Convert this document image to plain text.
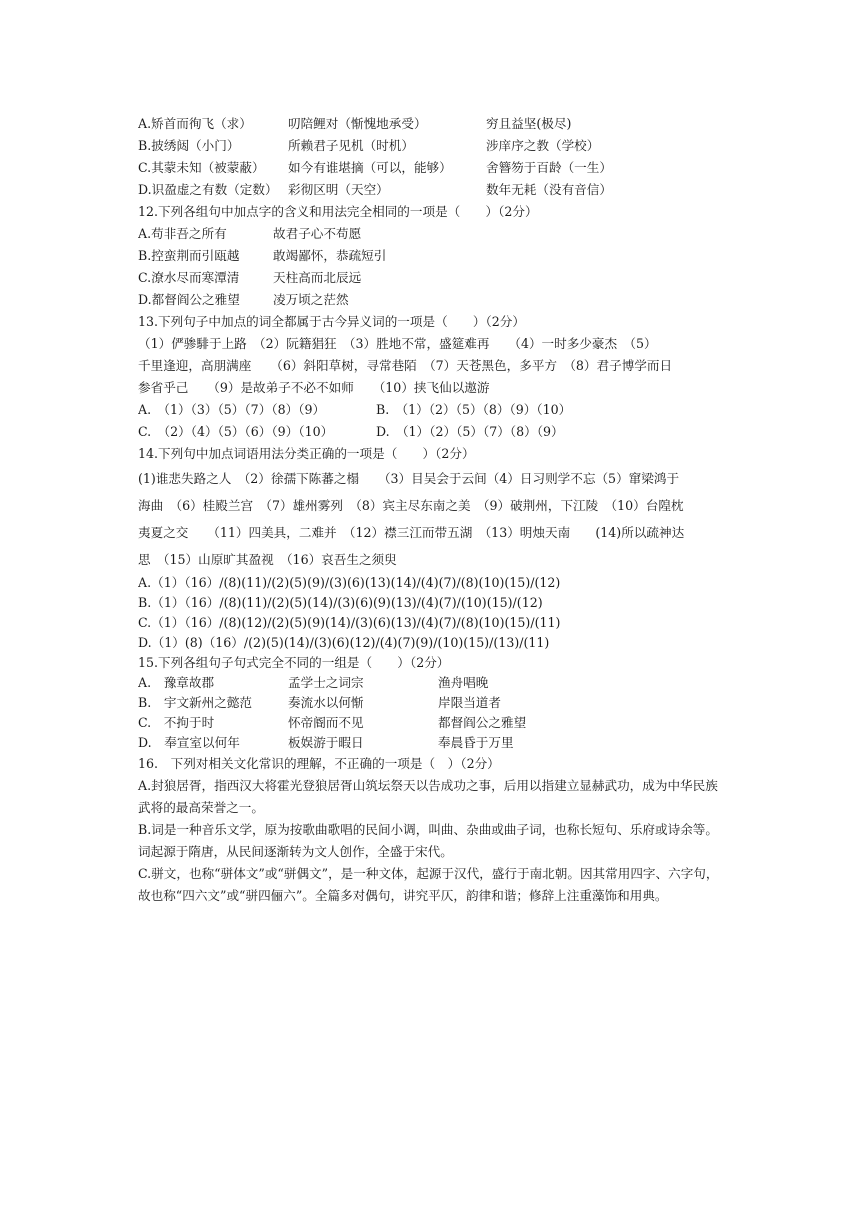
A.矫首而徇飞（求）	叨陪鲤对（惭愧地承受）	穷且益坚(极尽)
B.披绣闼（小门）	所赖君子见机（时机）	涉庠序之教（学校）
C.其蒙未知（被蒙蔽）	如今有谁堪摘（可以，能够）	舍簪笏于百龄（一生）
D.识盈虚之有数（定数） 彩彻区明（天空）	数年无耗（没有音信）
12.下列各组句中加点字的含义和用法完全相同的一项是（　　）（2分）
A.苟非吾之所有	故君子心不苟愿
B.控蛮荆而引瓯越	敢竭鄙怀，恭疏短引
C.潦水尽而寒潭清	天柱高而北辰远
D.都督阎公之雅望	凌万顷之茫然
13.下列句子中加点的词全都属于古今异义词的一项是（　　）（2分）
（1）俨骖騑于上路　（2）阮籍猖狂　（3）胜地不常，盛筵难再　　（4）一时多少豪杰　（5）
千里逢迎，高朋满座　　（6）斜阳草树，寻常巷陌　（7）天苍黑色，多平方　（8）君子博学而日
参省乎己　　（9）是故弟子不必不如师　　（10）挟飞仙以遨游
A.　（1）（3）（5）（7）（8）（9）	B.　（1）（2）（5）（8）（9）（10）
C.　（2）（4）（5）（6）（9）（10）	D.　（1）（2）（5）（7）（8）（9）
14.下列句中加点词语用法分类正确的一项是（　　）（2分）
(1)谁悲失路之人　（2）徐孺下陈蕃之榻　　（3）目吴会于云间（4）日习则学不忘（5）窜梁鸿于
海曲　（6）桂殿兰宫　（7）雄州雾列　（8）宾主尽东南之美　（9）破荆州，下江陵　（10）台隍枕
夷夏之交　　（11）四美具，二难并　（12）襟三江而带五湖　（13）明烛天南　　(14)所以疏神达
思　（15）山原旷其盈视　（16）哀吾生之须臾
A.（1）（16）/(8)(11)/(2)(5)(9)/(3)(6)(13)(14)/(4)(7)/(8)(10)(15)/(12)
B.（1）（16）/(8)(11)/(2)(5)(14)/(3)(6)(9)(13)/(4)(7)/(10)(15)/(12)
C.（1）（16）/(8)(12)/(2)(5)(9)(14)/(3)(6)(13)/(4)(7)/(8)(10)(15)/(11)
D.（1）(8)（16）/(2)(5)(14)/(3)(6)(12)/(4)(7)(9)/(10)(15)/(13)/(11)
15.下列各组句子句式完全不同的一组是（　　）（2分）
A.　豫章故郡	孟学士之词宗	渔舟唱晚
B.　宇文新州之懿范	奏流水以何惭	岸限当道者
C.　不拘于时	怀帝阍而不见	都督阎公之雅望
D.　奉宣室以何年	板娱游于暇日	奉晨昏于万里
16.　下列对相关文化常识的理解，不正确的一项是（　）（2分）
A.封狼居胥，指西汉大将霍光登狼居胥山筑坛祭天以告成功之事，后用以指建立显赫武功，成为中华民族武将的最高荣誉之一。
B.词是一种音乐文学，原为按歌曲歌唱的民间小调，叫曲、杂曲或曲子词，也称长短句、乐府或诗余等。词起源于隋唐，从民间逐渐转为文人创作，全盛于宋代。
C.骈文，也称“骈体文”或“骈偶文”，是一种文体，起源于汉代，盛行于南北朝。因其常用四字、六字句，故也称“四六文”或“骈四俪六”。全篇多对偶句，讲究平仄，韵律和谐；修辞上注重藻饰和用典。
